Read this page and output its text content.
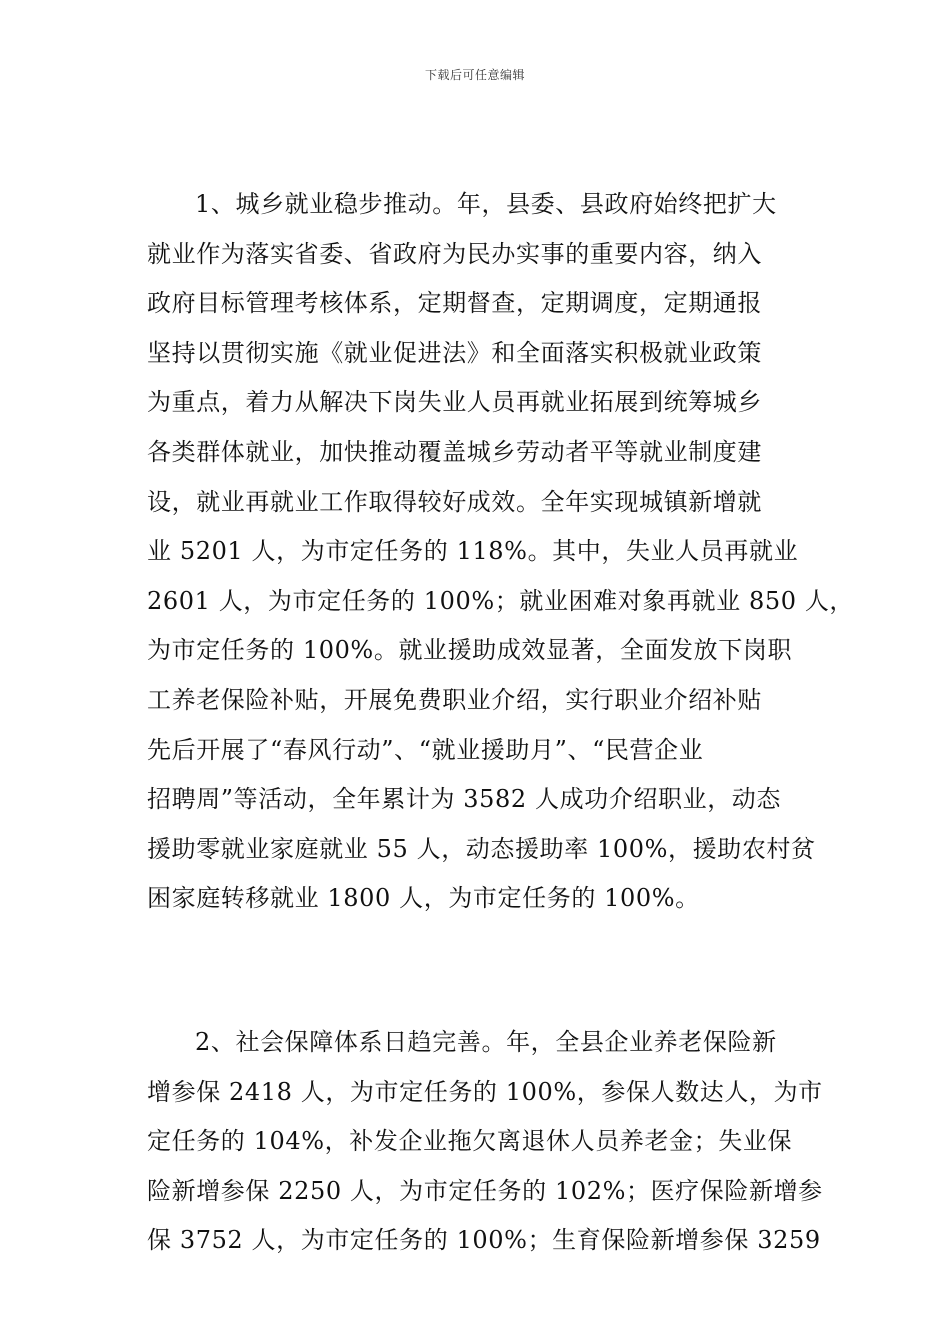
下载后可任意编辑

1、城乡就业稳步推动。年，县委、县政府始终把扩大
就业作为落实省委、省政府为民办实事的重要内容，纳入
政府目标管理考核体系，定期督查，定期调度，定期通报
坚持以贯彻实施《就业促进法》和全面落实积极就业政策
为重点，着力从解决下岗失业人员再就业拓展到统筹城乡
各类群体就业，加快推动覆盖城乡劳动者平等就业制度建
设，就业再就业工作取得较好成效。全年实现城镇新增就
业 5201 人，为市定任务的 118%。其中，失业人员再就业
2601 人，为市定任务的 100%；就业困难对象再就业 850 人，
为市定任务的 100%。就业援助成效显著，全面发放下岗职
工养老保险补贴，开展免费职业介绍，实行职业介绍补贴
先后开展了“春风行动”、“就业援助月”、“民营企业
招聘周”等活动，全年累计为 3582 人成功介绍职业，动态
援助零就业家庭就业 55 人，动态援助率 100%，援助农村贫
困家庭转移就业 1800 人，为市定任务的 100%。

2、社会保障体系日趋完善。年，全县企业养老保险新
增参保 2418 人，为市定任务的 100%，参保人数达人，为市
定任务的 104%，补发企业拖欠离退休人员养老金；失业保
险新增参保 2250 人，为市定任务的 102%；医疗保险新增参
保 3752 人，为市定任务的 100%；生育保险新增参保 3259
